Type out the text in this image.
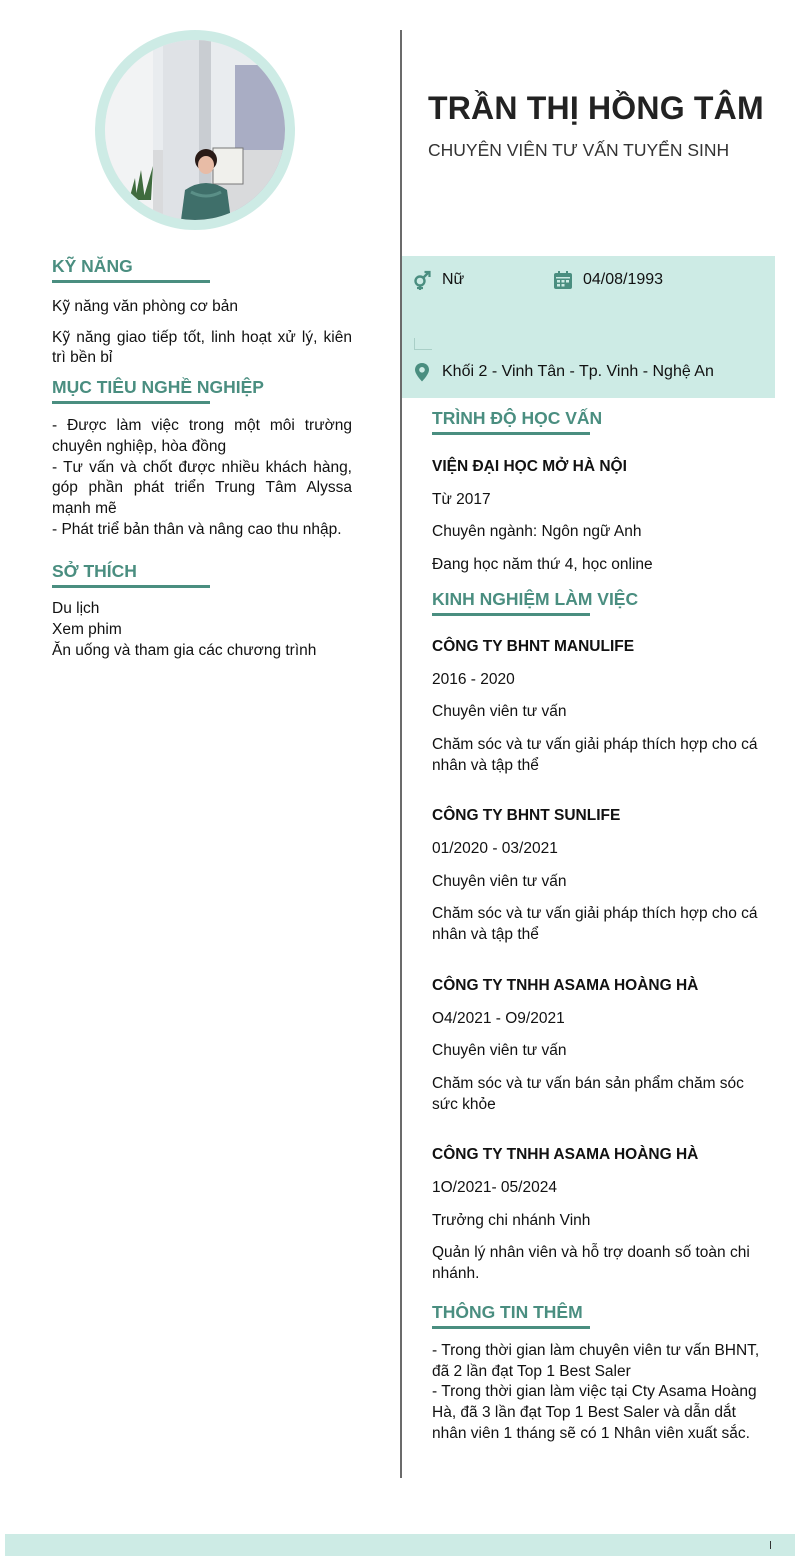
KỸ NĂNG

Kỹ năng văn phòng cơ bản

Kỹ năng giao tiếp tốt, linh hoạt xử lý, kiên trì bền bỉ

MỤC TIÊU NGHỀ NGHIỆP

- Được làm việc trong một môi trường chuyên nghiệp, hòa đồng
- Tư vấn và chốt được nhiều khách hàng, góp phần phát triển Trung Tâm Alyssa mạnh mẽ
- Phát triể bản thân và nâng cao thu nhập.

SỞ THÍCH

Du lịch

Xem phim

Ăn uống và tham gia các chương trình

TRẦN THỊ HỒNG TÂM
CHUYÊN VIÊN TƯ VẤN TUYỂN SINH
Nữ	04/08/1993
Khối 2 - Vinh Tân - Tp. Vinh - Nghệ An
TRÌNH ĐỘ HỌC VẤN

VIỆN ĐẠI HỌC MỞ HÀ NỘI

Từ 2017

Chuyên ngành: Ngôn ngữ Anh

Đang học năm thứ 4, học online

KINH NGHIỆM LÀM VIỆC

CÔNG TY BHNT MANULIFE

2016 - 2020

Chuyên viên tư vấn

Chăm sóc và tư vấn giải pháp thích hợp cho cá nhân và tập thể

CÔNG TY BHNT SUNLIFE

01/2020 - 03/2021

Chuyên viên tư vấn

Chăm sóc và tư vấn giải pháp thích hợp cho cá nhân và tập thể

CÔNG TY TNHH ASAMA HOÀNG HÀ

O4/2021 - O9/2021

Chuyên viên tư vấn

Chăm sóc và tư vấn bán sản phẩm chăm sóc sức khỏe

CÔNG TY TNHH ASAMA HOÀNG HÀ

1O/2021- 05/2024

Trưởng chi nhánh Vinh

Quản lý nhân viên và hỗ trợ doanh số toàn chi nhánh.

THÔNG TIN THÊM

- Trong thời gian làm chuyên viên tư vấn BHNT, đã 2 lần đạt Top 1 Best Saler
- Trong thời gian làm việc tại Cty Asama Hoàng Hà, đã 3 lần đạt Top 1 Best Saler và dẫn dắt nhân viên 1 tháng sẽ có 1 Nhân viên xuất sắc.
